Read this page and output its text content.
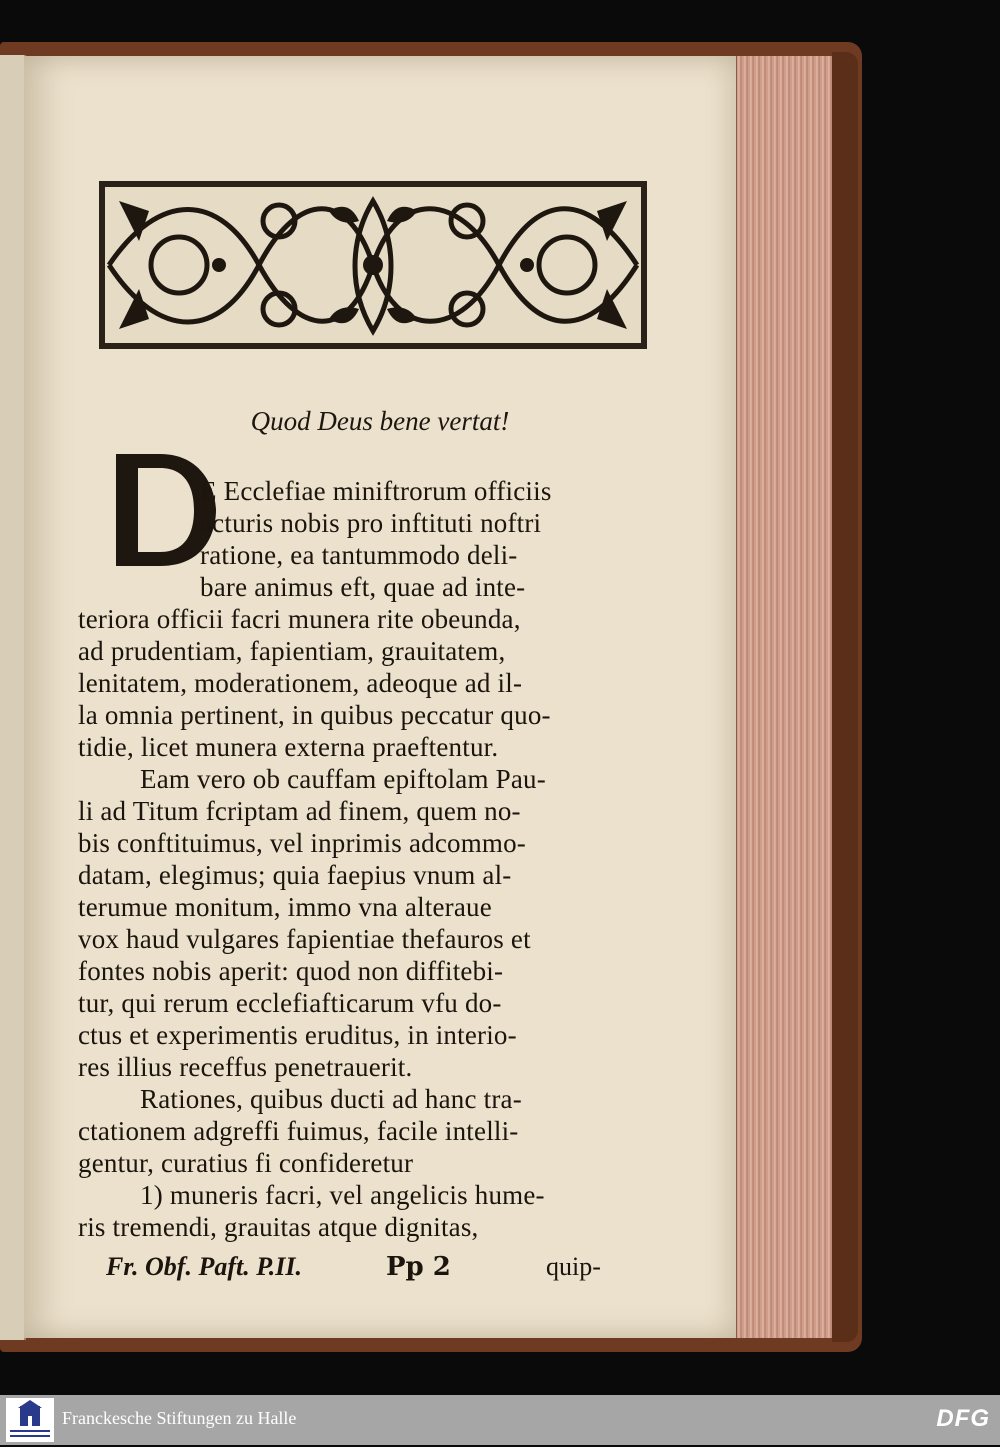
Quod Deus bene vertat!
D
E Ecclefiae miniftrorum officiis
acturis nobis pro inftituti noftri
ratione, ea tantummodo deli-
bare animus eft, quae ad inte-
teriora officii facri munera rite obeunda,
ad prudentiam, fapientiam, grauitatem,
lenitatem, moderationem, adeoque ad il-
la omnia pertinent, in quibus peccatur quo-
tidie, licet munera externa praeftentur.
Eam vero ob cauffam epiftolam Pau-
li ad Titum fcriptam ad finem, quem no-
bis conftituimus, vel inprimis adcommo-
datam, elegimus; quia faepius vnum al-
terumue monitum, immo vna alteraue
vox haud vulgares fapientiae thefauros et
fontes nobis aperit: quod non diffitebi-
tur, qui rerum ecclefiafticarum vfu do-
ctus et experimentis eruditus, in interio-
res illius receffus penetrauerit.
Rationes, quibus ducti ad hanc tra-
ctationem adgreffi fuimus, facile intelli-
gentur, curatius fi confideretur
1) muneris facri, vel angelicis hume-
ris tremendi, grauitas atque dignitas,
Fr. Obf. Paft. P.II.	Pp 2	quip-
Franckesche Stiftungen zu Halle	DFG
